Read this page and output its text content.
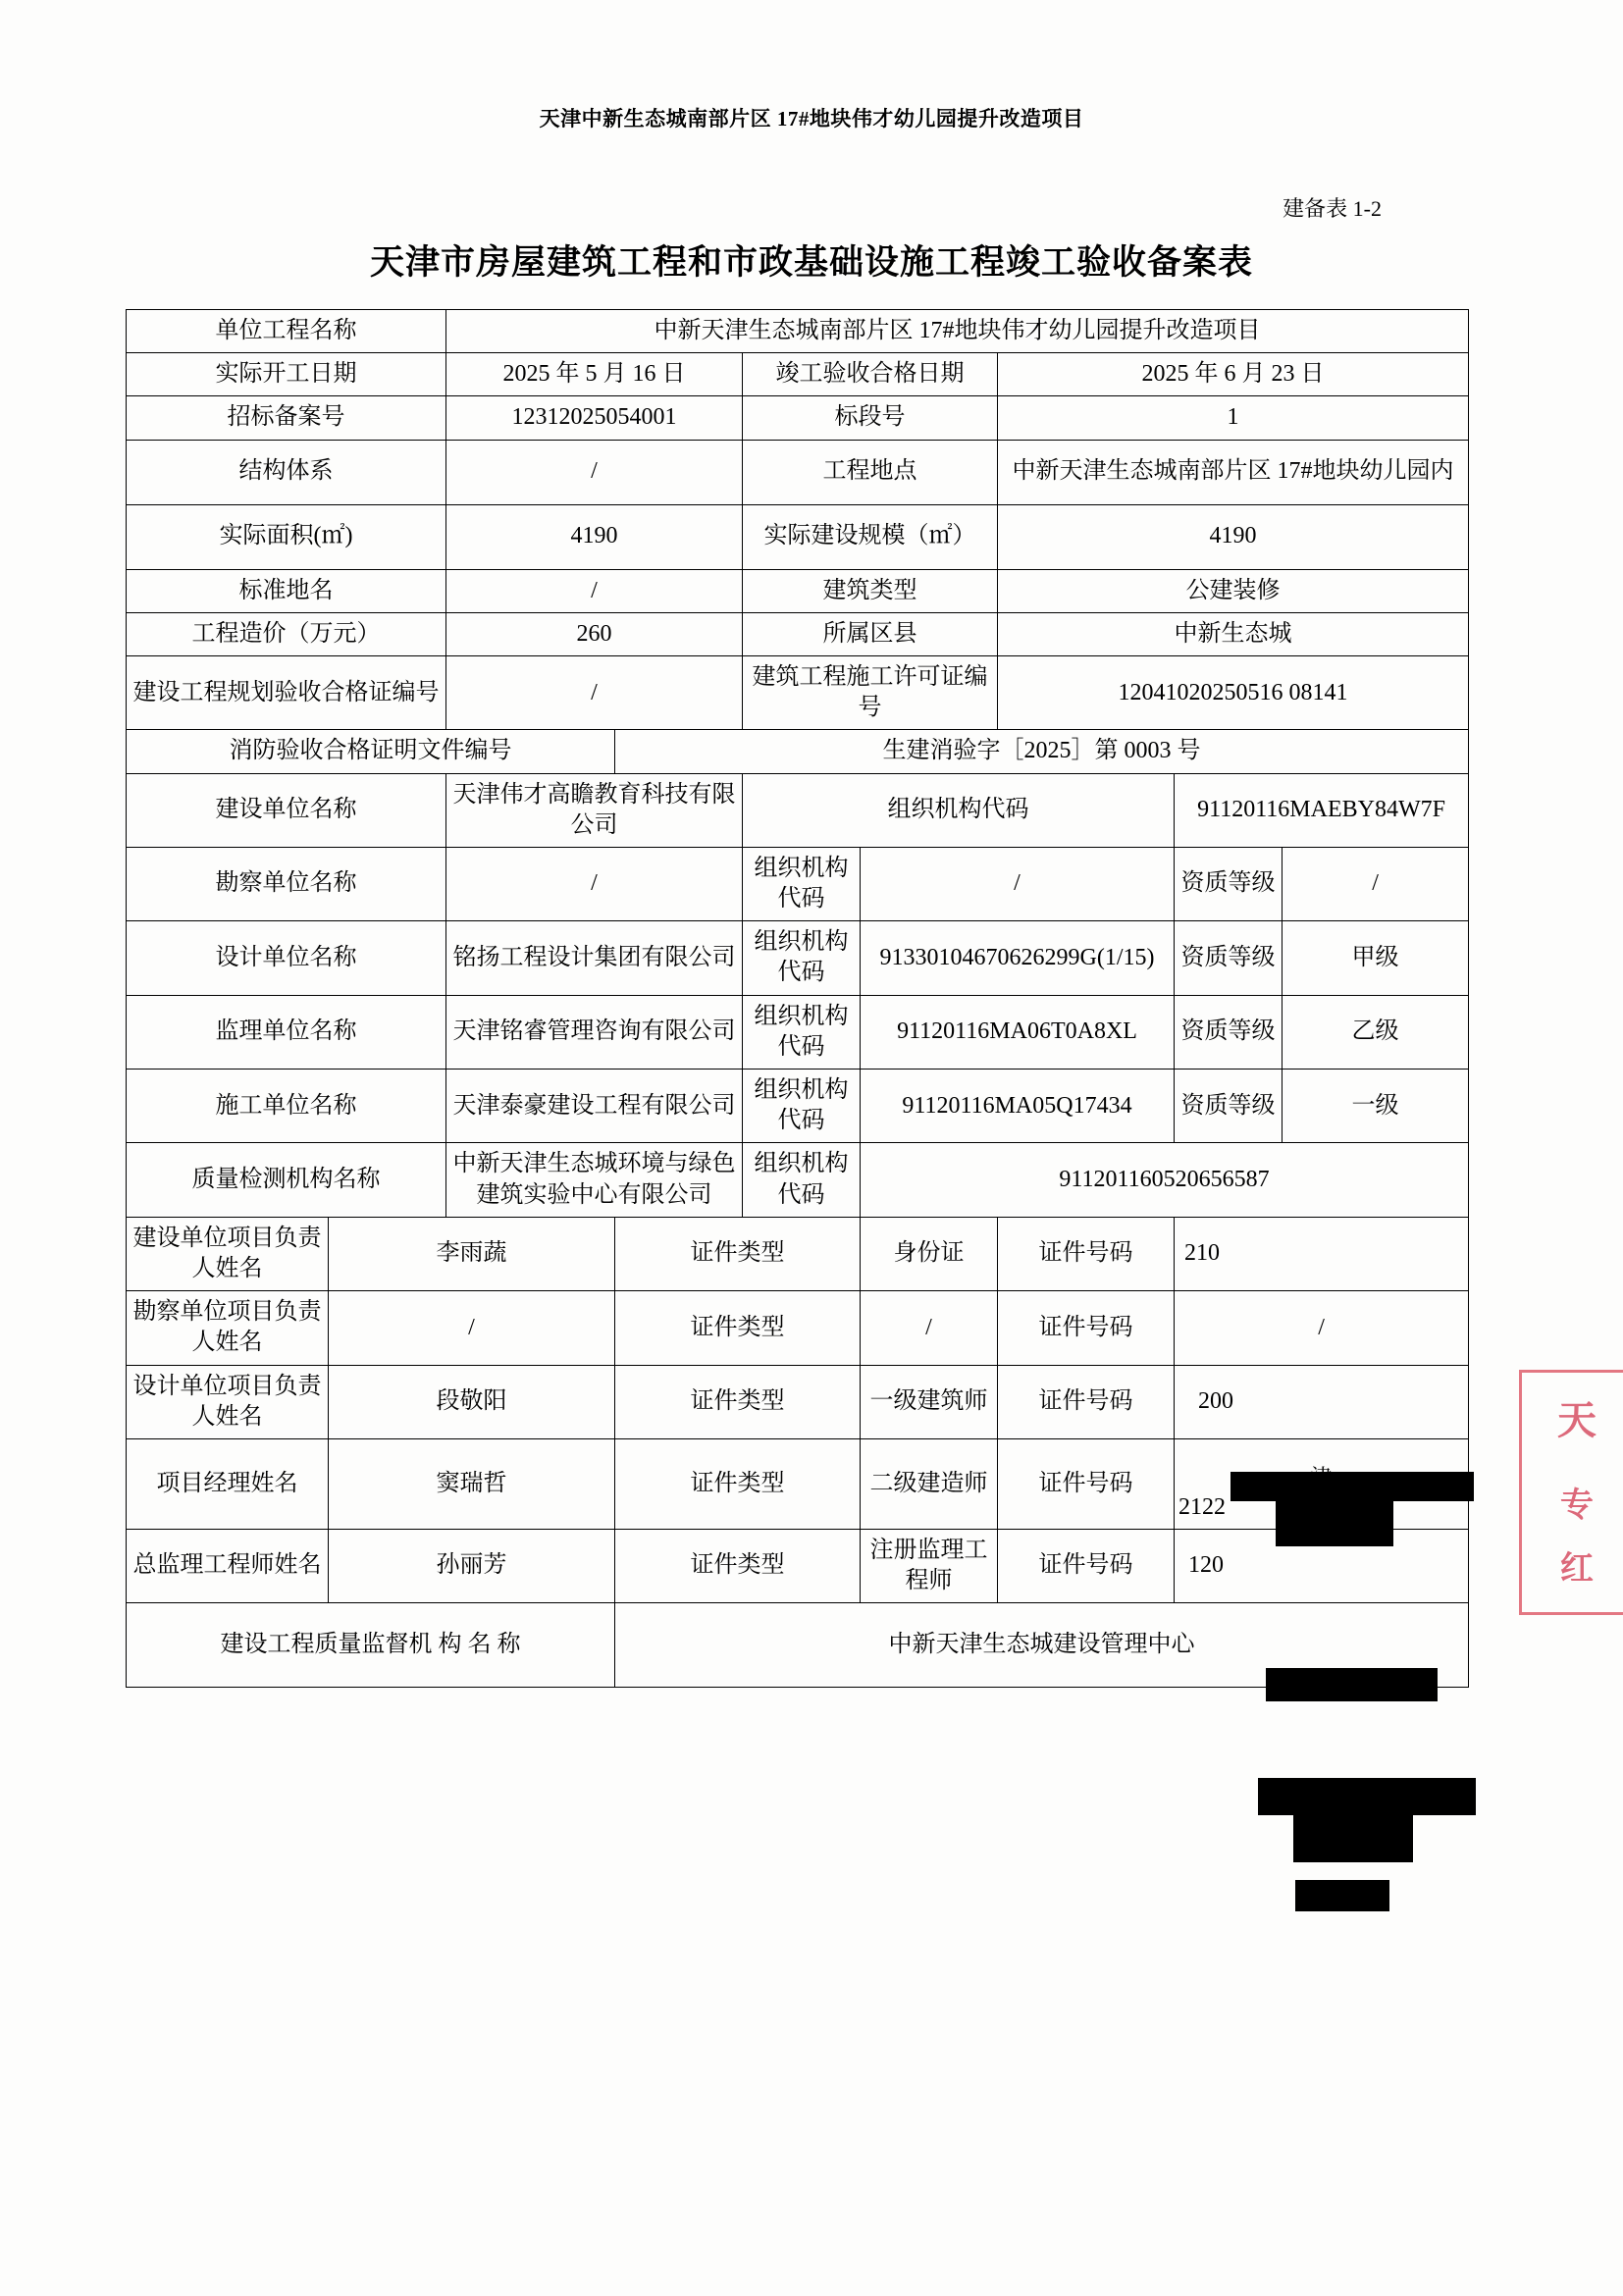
天津中新生态城南部片区 17#地块伟才幼儿园提升改造项目
建备表 1-2
天津市房屋建筑工程和市政基础设施工程竣工验收备案表
单位工程名称		中新天津生态城南部片区 17#地块伟才幼儿园提升改造项目						
实际开工日期		2025 年 5 月 16 日		竣工验收合格日期		2025 年 6 月 23 日		
招标备案号		12312025054001		标段号		1		
结构体系		/		工程地点		中新天津生态城南部片区 17#地块幼儿园内		
实际面积(㎡)		4190		实际建设规模（㎡）		4190		
标准地名		/		建筑类型		公建装修		
工程造价（万元）		260		所属区县		中新生态城		
建设工程规划验收合格证编号		/		建筑工程施工许可证编号		12041020250516 08141		
消防验收合格证明文件编号			生建消验字［2025］第 0003 号					
建设单位名称		天津伟才高瞻教育科技有限公司		组织机构代码			91120116MAEBY84W7F	
勘察单位名称		/		组织机构代码	/		资质等级	/
设计单位名称		铭扬工程设计集团有限公司		组织机构代码	91330104670626299G(1/15)		资质等级	甲级
监理单位名称		天津铭睿管理咨询有限公司		组织机构代码	91120116MA06T0A8XL		资质等级	乙级
施工单位名称		天津泰豪建设工程有限公司		组织机构代码	91120116MA05Q17434		资质等级	一级
质量检测机构名称		中新天津生态城环境与绿色建筑实验中心有限公司		组织机构代码	911201160520656587			
建设单位项目负责人姓名	李雨蔬		证件类型		身份证	证件号码	210	
勘察单位项目负责人姓名	/		证件类型		/	证件号码	/	
设计单位项目负责人姓名	段敬阳		证件类型		一级建筑师	证件号码	200	
项目经理姓名	窦瑞哲		证件类型		二级建造师	证件号码	2122	

总监理工程师姓名	孙丽芳		证件类型		注册监理工程师	证件号码	120	
建设工程质量监督机 构 名 称			中新天津生态城建设管理中心					
天
专
红
